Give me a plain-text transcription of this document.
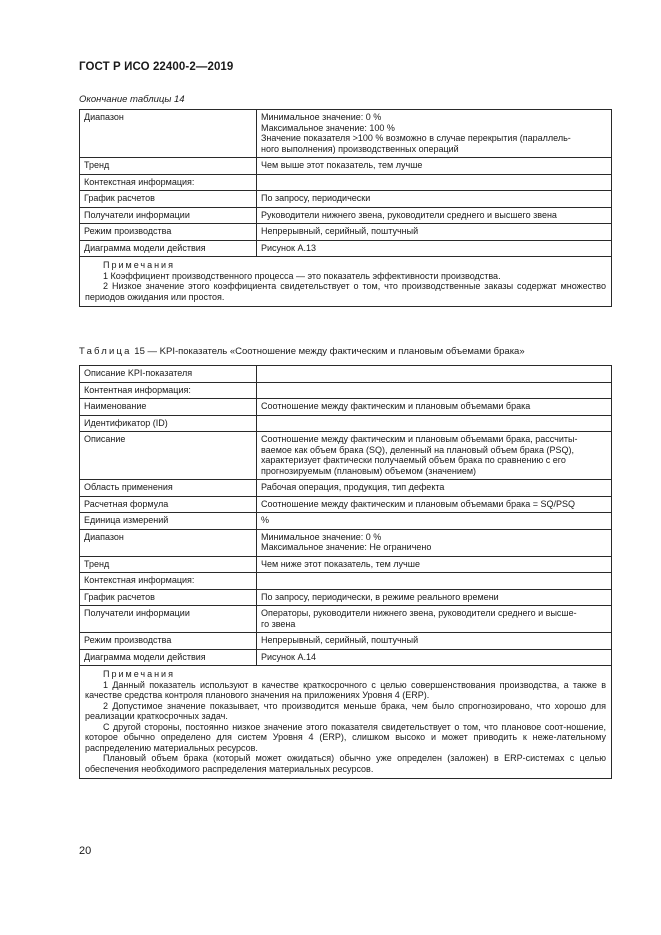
ГОСТ Р ИСО 22400-2—2019
Окончание таблицы 14
Диапазон	Минимальное значение: 0 %
Максимальное значение: 100 %
Значение показателя >100 % возможно в случае перекрытия (параллель-
ного выполнения) производственных операций

Тренд	Чем выше этот показатель, тем лучше

Контекстная информация:	

График расчетов	По запросу, периодически

Получатели информации	Руководители нижнего звена, руководители среднего и высшего звена

Режим производства	Непрерывный, серийный, поштучный

Диаграмма модели действия	Рисунок А.13

Примечания
1 Коэффициент производственного процесса — это показатель эффективности производства.
2 Низкое значение этого коэффициента свидетельствует о том, что производственные заказы содержат множество периодов ожидания или простоя.	
Таблица 15 — KPI-показатель «Соотношение между фактическим и плановым объемами брака»
Описание KPI-показателя	

Контентная информация:	

Наименование	Соотношение между фактическим и плановым объемами брака

Идентификатор (ID)	

Описание	Соотношение между фактическим и плановым объемами брака, рассчиты-
ваемое как объем брака (SQ), деленный на плановый объем брака (PSQ),
характеризует фактически получаемый объем брака по сравнению с его
прогнозируемым (плановым) объемом (значением)

Область применения	Рабочая операция, продукция, тип дефекта

Расчетная формула	Соотношение между фактическим и плановым объемами брака = SQ/PSQ

Единица измерений	%

Диапазон	Минимальное значение: 0 %
Максимальное значение: Не ограничено

Тренд	Чем ниже этот показатель, тем лучше

Контекстная информация:	

График расчетов	По запросу, периодически, в режиме реального времени

Получатели информации	Операторы, руководители нижнего звена, руководители среднего и высше-
го звена

Режим производства	Непрерывный, серийный, поштучный

Диаграмма модели действия	Рисунок А.14

Примечания
1 Данный показатель используют в качестве краткосрочного с целью совершенствования производства, а также в качестве средства контроля планового значения на приложениях Уровня 4 (ERP).
2 Допустимое значение показывает, что производится меньше брака, чем было спрогнозировано, что хорошо для реализации краткосрочных задач.
С другой стороны, постоянно низкое значение этого показателя свидетельствует о том, что плановое соот-ношение, которое обычно определено для систем Уровня 4 (ERP), слишком высоко и может приводить к неже-лательному распределению материальных ресурсов.
Плановый объем брака (который может ожидаться) обычно уже определен (заложен) в ERP-системах с целью обеспечения необходимого распределения материальных ресурсов.	
20
